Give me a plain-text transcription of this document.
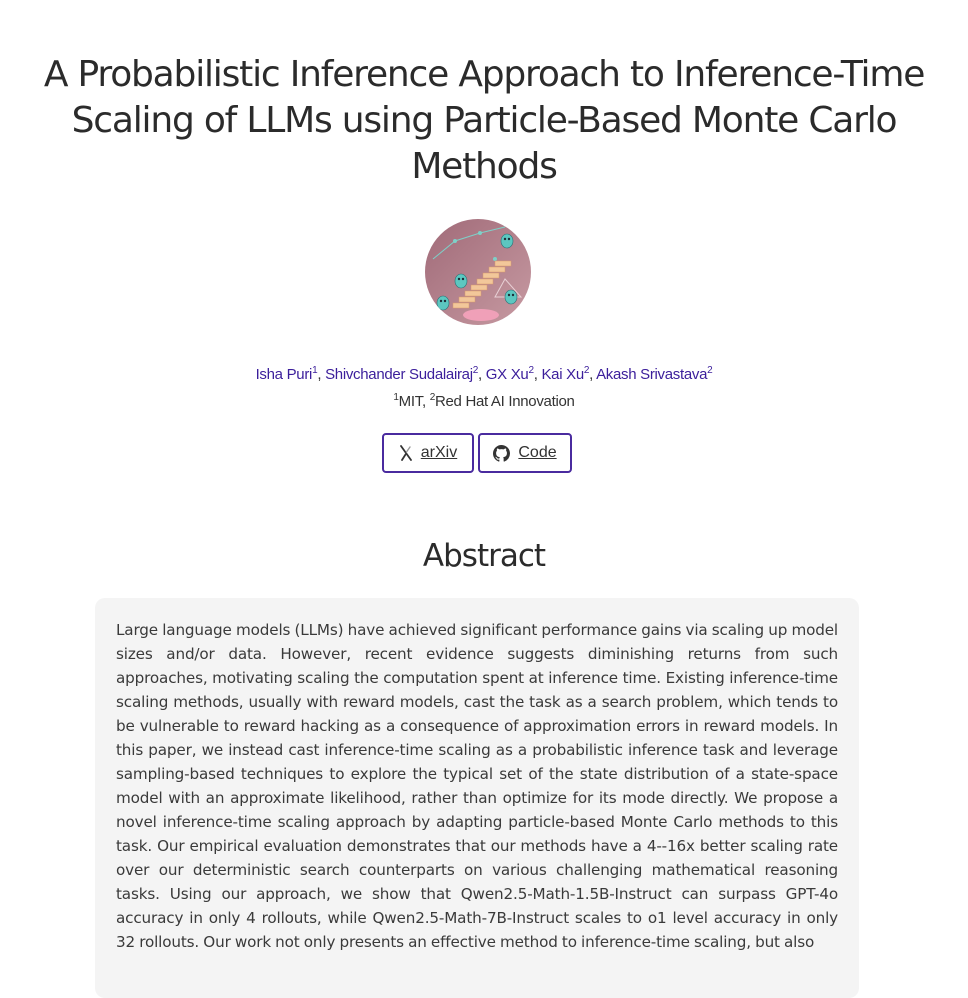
A Probabilistic Inference Approach to Inference-Time Scaling of LLMs using Particle-Based Monte Carlo Methods
Isha Puri$^1$, Shivchander Sudalairaj$^2$, GX Xu$^2$, Kai Xu$^2$, Akash Srivastava$^2$
$^1$MIT, $^2$Red Hat AI Innovation
arXiv	Code
Abstract

Large language models (LLMs) have achieved significant performance gains via scaling up model sizes and/or data. However, recent evidence suggests diminishing returns from such approaches, motivating scaling the computation spent at inference time. Existing inference-time scaling methods, usually with reward models, cast the task as a search problem, which tends to be vulnerable to reward hacking as a consequence of approximation errors in reward models. In this paper, we instead cast inference-time scaling as a probabilistic inference task and leverage sampling-based techniques to explore the typical set of the state distribution of a state-space model with an approximate likelihood, rather than optimize for its mode directly. We propose a novel inference-time scaling approach by adapting particle-based Monte Carlo methods to this task. Our empirical evaluation demonstrates that our methods have a 4--16x better scaling rate over our deterministic search counterparts on various challenging mathematical reasoning tasks. Using our approach, we show that Qwen2.5-Math-1.5B-Instruct can surpass GPT-4o accuracy in only 4 rollouts, while Qwen2.5-Math-7B-Instruct scales to o1 level accuracy in only 32 rollouts. Our work not only presents an effective method to inference-time scaling, but also
